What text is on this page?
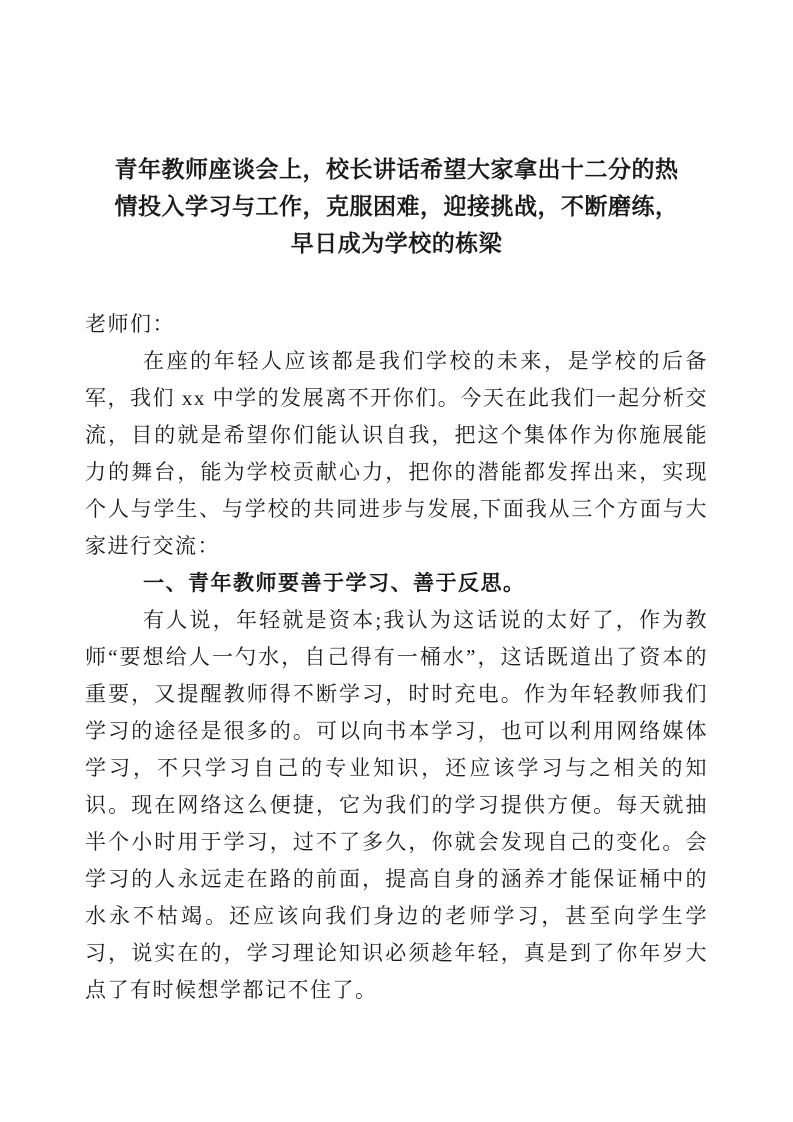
青年教师座谈会上，校长讲话希望大家拿出十二分的热
情投入学习与工作，克服困难，迎接挑战，不断磨练，
早日成为学校的栋梁

老师们：

在座的年轻人应该都是我们学校的未来，是学校的后备军，我们 xx 中学的发展离不开你们。今天在此我们一起分析交流，目的就是希望你们能认识自我，把这个集体作为你施展能力的舞台，能为学校贡献心力，把你的潜能都发挥出来，实现个人与学生、与学校的共同进步与发展,下面我从三个方面与大家进行交流：

一、青年教师要善于学习、善于反思。

有人说，年轻就是资本;我认为这话说的太好了，作为教师“要想给人一勺水，自己得有一桶水”，这话既道出了资本的重要，又提醒教师得不断学习，时时充电。作为年轻教师我们学习的途径是很多的。可以向书本学习，也可以利用网络媒体学习，不只学习自己的专业知识，还应该学习与之相关的知识。现在网络这么便捷，它为我们的学习提供方便。每天就抽半个小时用于学习，过不了多久，你就会发现自己的变化。会学习的人永远走在路的前面，提高自身的涵养才能保证桶中的水永不枯竭。还应该向我们身边的老师学习，甚至向学生学习，说实在的，学习理论知识必须趁年轻，真是到了你年岁大点了有时候想学都记不住了。
